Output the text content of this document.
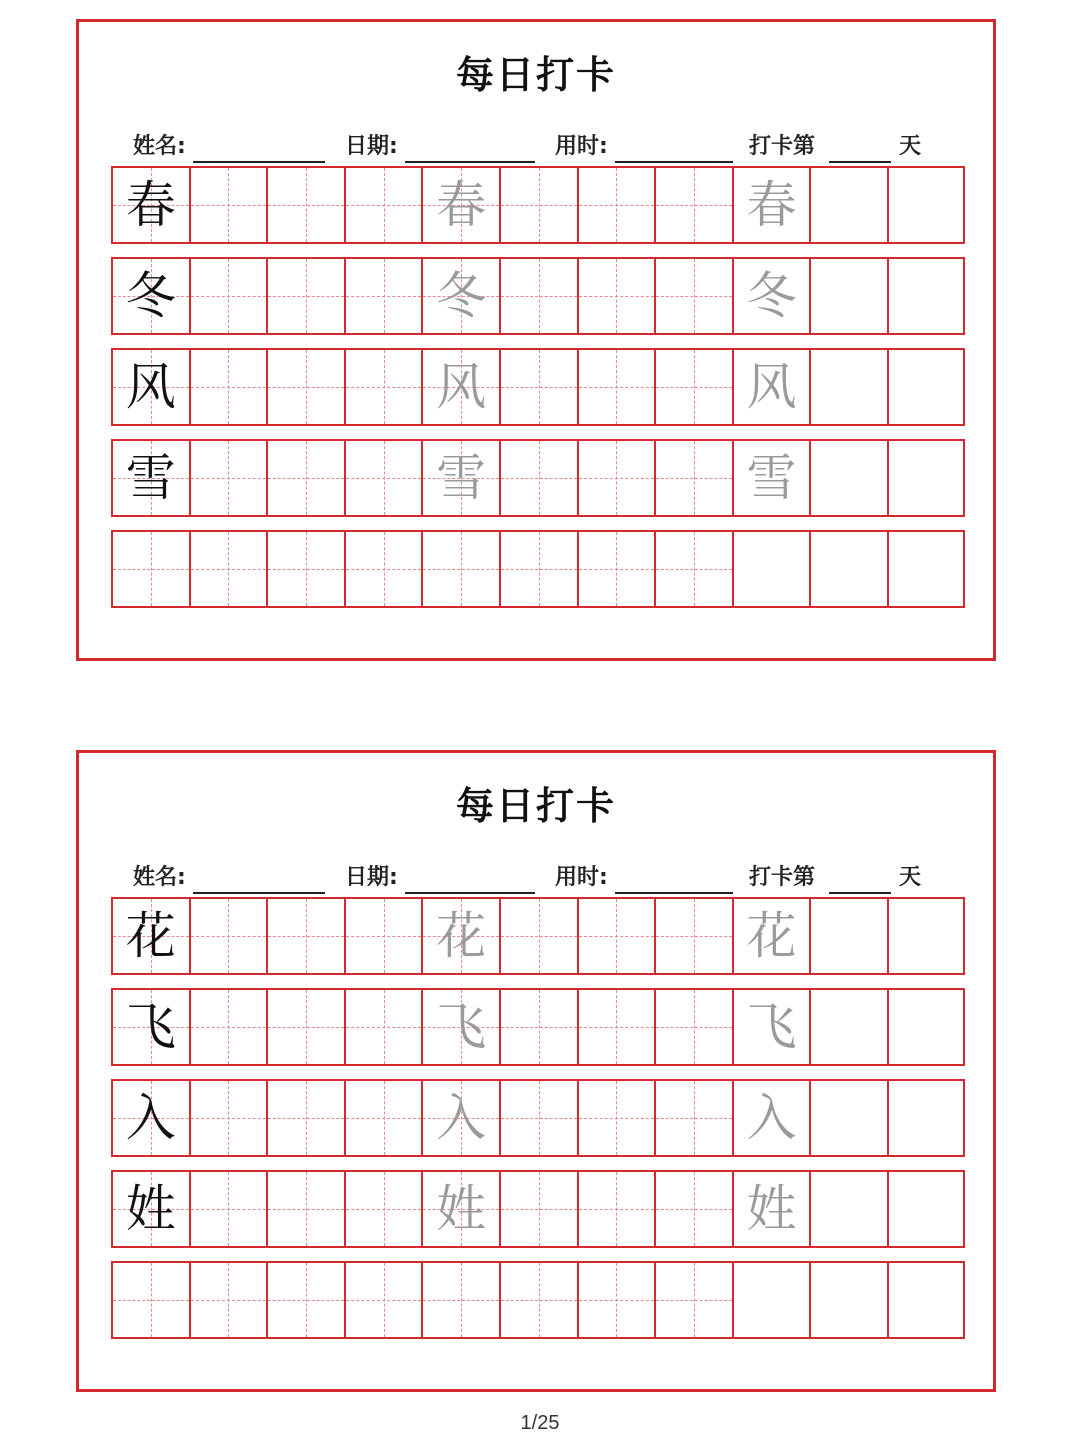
每日打卡
姓名:	日期:	用时:	打卡第	天
春	春	春
冬	冬	冬
风	风	风
雪	雪	雪
每日打卡
姓名:	日期:	用时:	打卡第	天
花	花	花
飞	飞	飞
入	入	入
姓	姓	姓
1/25
